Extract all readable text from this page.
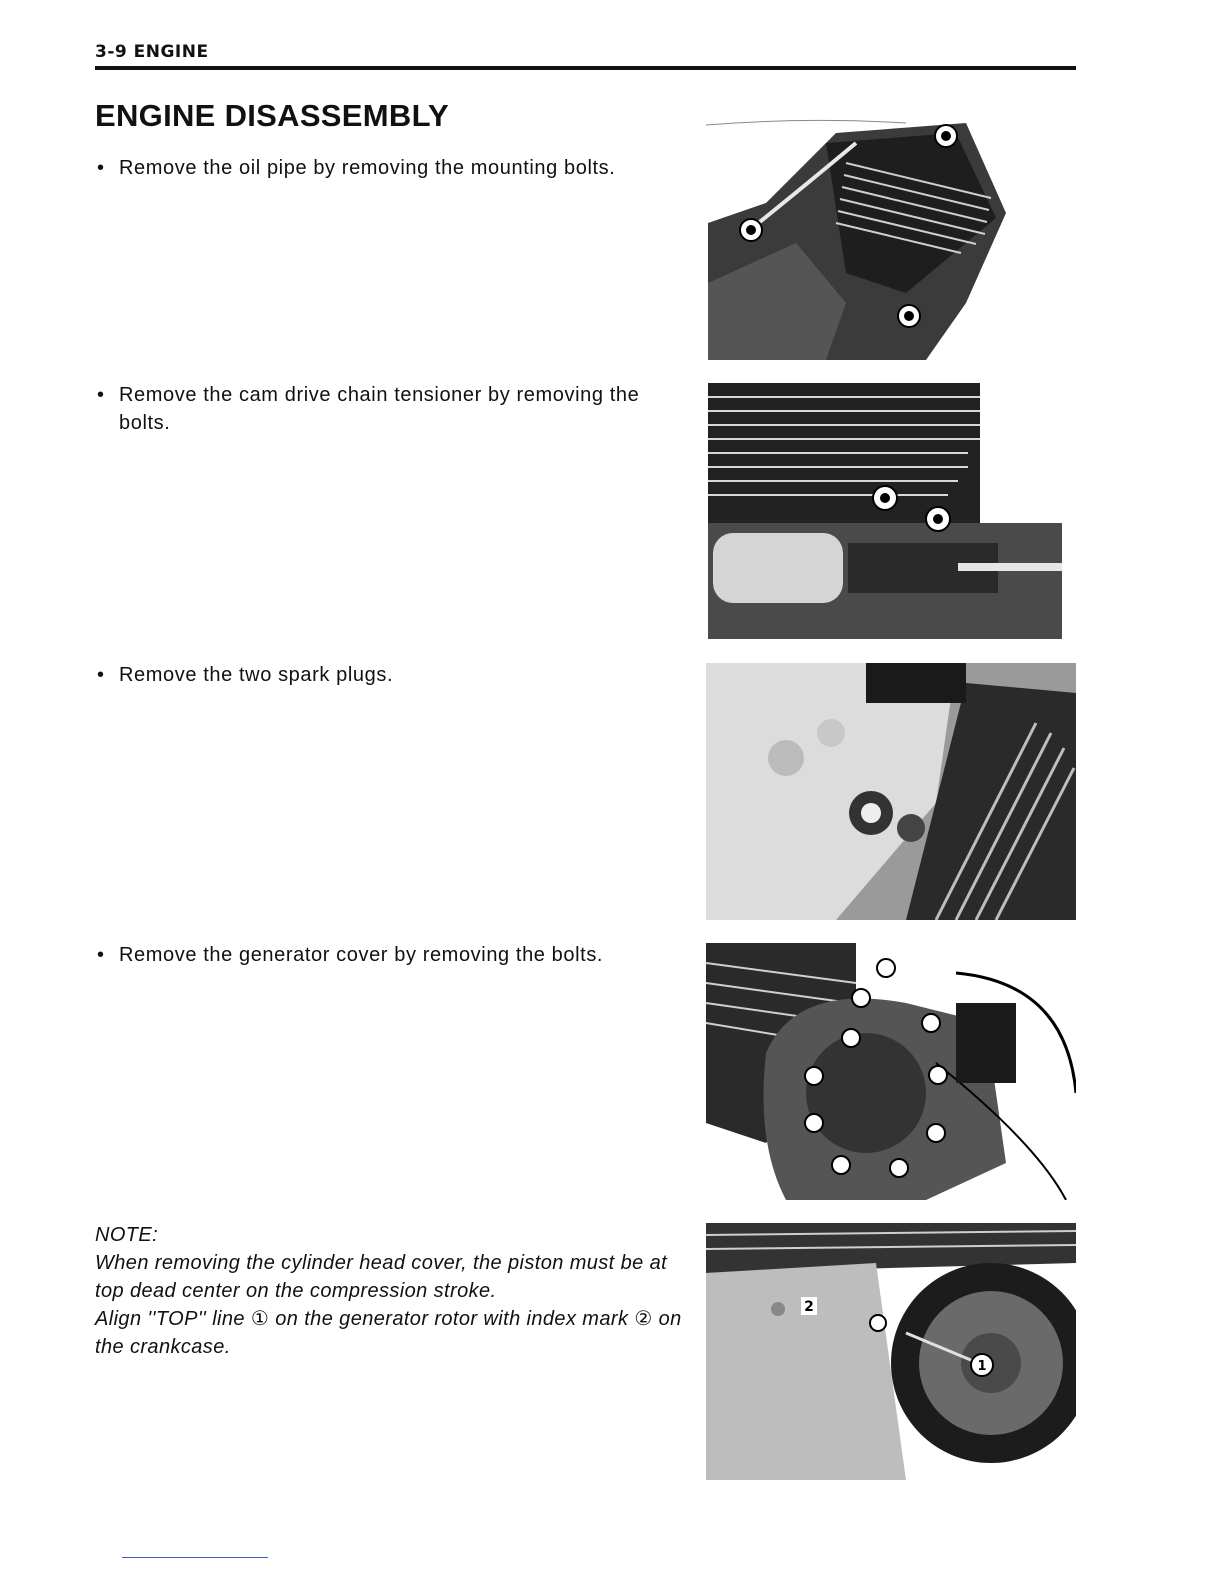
3-9 ENGINE
ENGINE DISASSEMBLY
• Remove the oil pipe by removing the mounting bolts.
• Remove the cam drive chain tensioner by removing the bolts.
• Remove the two spark plugs.
• Remove the generator cover by removing the bolts.
NOTE:
When removing the cylinder head cover, the piston must be at top dead center on the compression stroke.
Align ''TOP'' line ① on the generator rotor with index mark ② on the crankcase.
1
2
